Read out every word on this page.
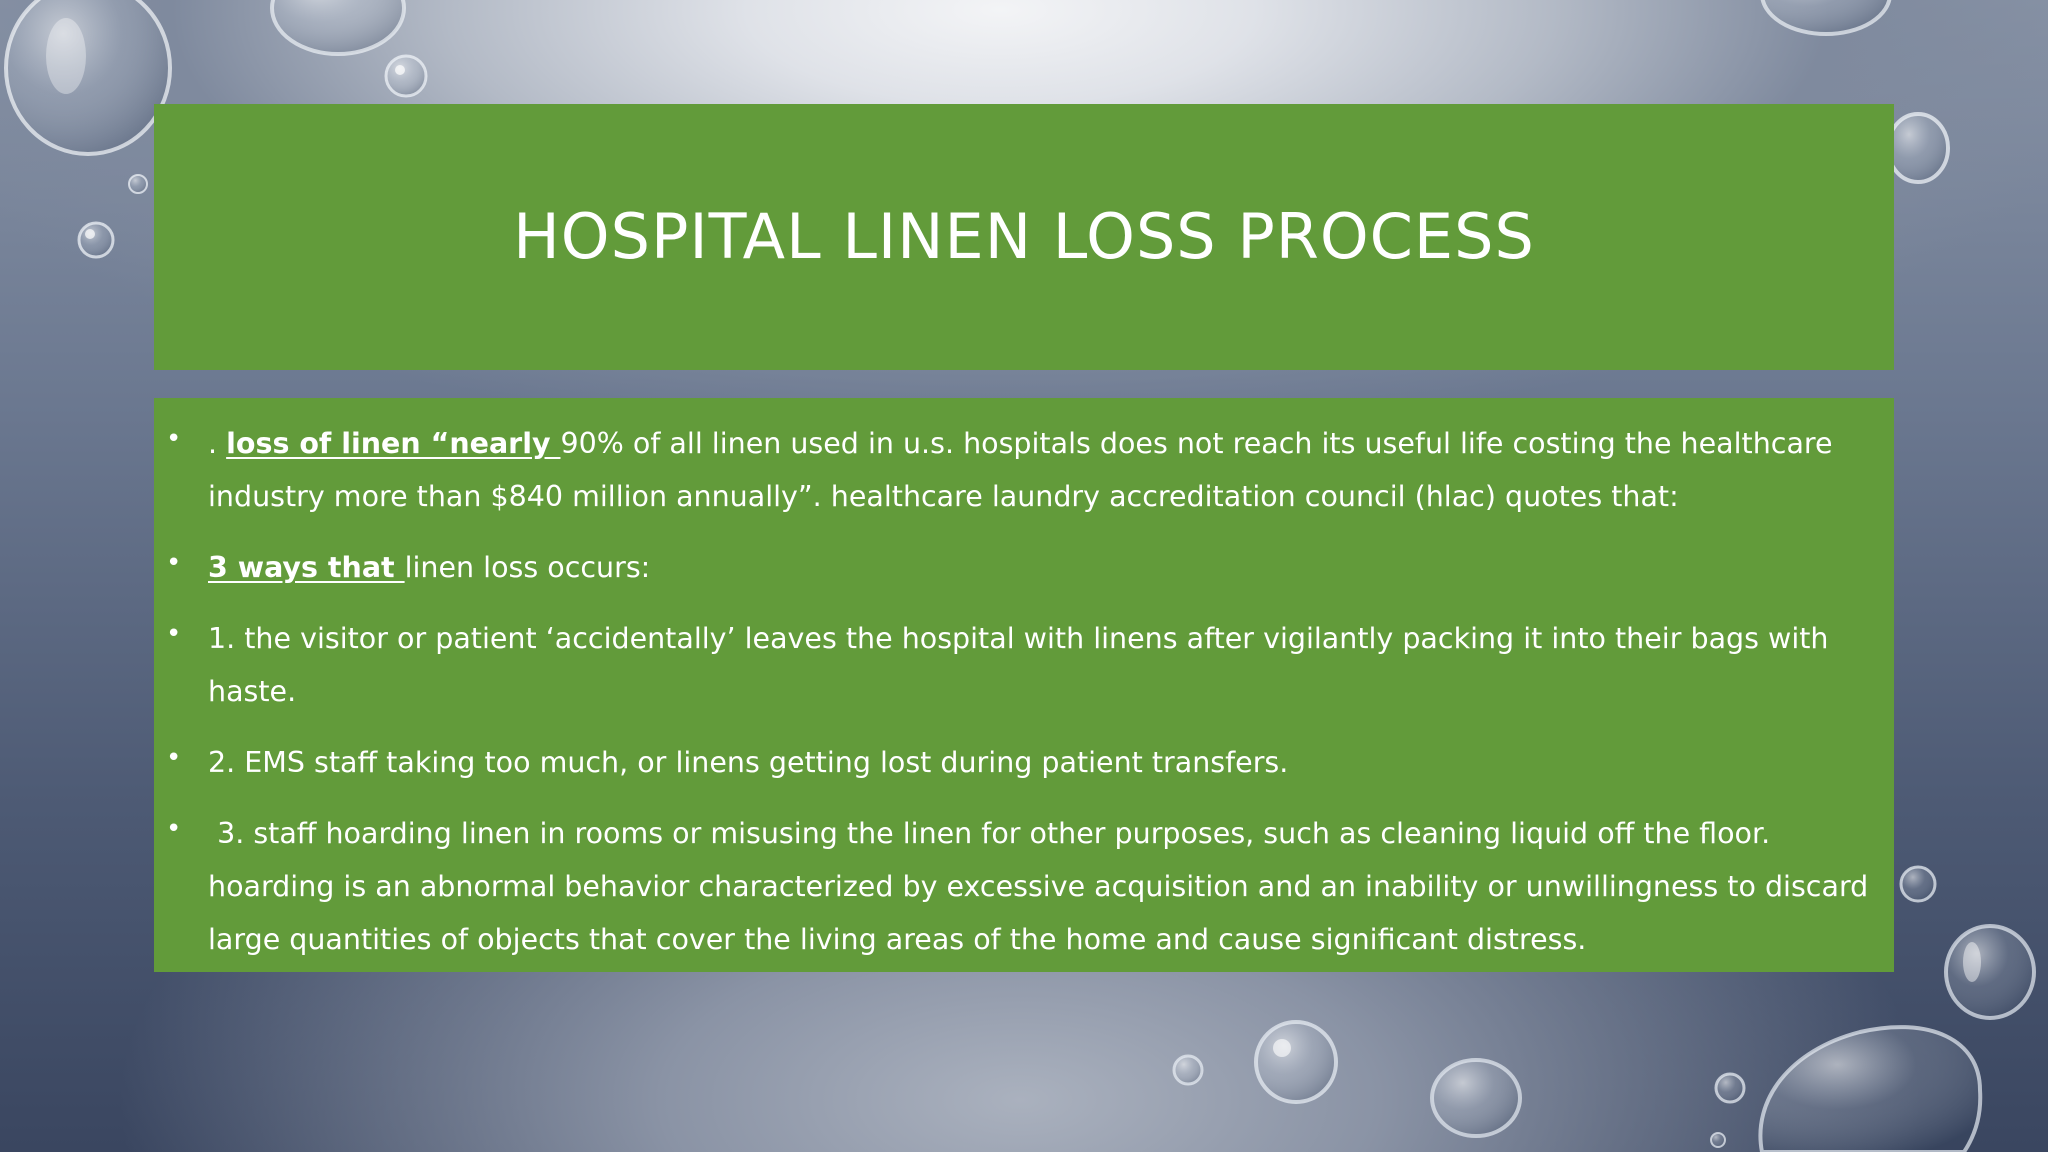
HOSPITAL LINEN LOSS PROCESS
• . loss of linen “nearly 90% of all linen used in u.s. hospitals does not reach its useful life costing the healthcare industry more than $840 million annually”. healthcare laundry accreditation council (hlac) quotes that:
• 3 ways that linen loss occurs:
• 1. the visitor or patient ‘accidentally’ leaves the hospital with linens after vigilantly packing it into their bags with haste.
• 2. EMS staff taking too much, or linens getting lost during patient transfers.
• 3. staff hoarding linen in rooms or misusing the linen for other purposes, such as cleaning liquid off the floor. hoarding is an abnormal behavior characterized by excessive acquisition and an inability or unwillingness to discard large quantities of objects that cover the living areas of the home and cause significant distress.
